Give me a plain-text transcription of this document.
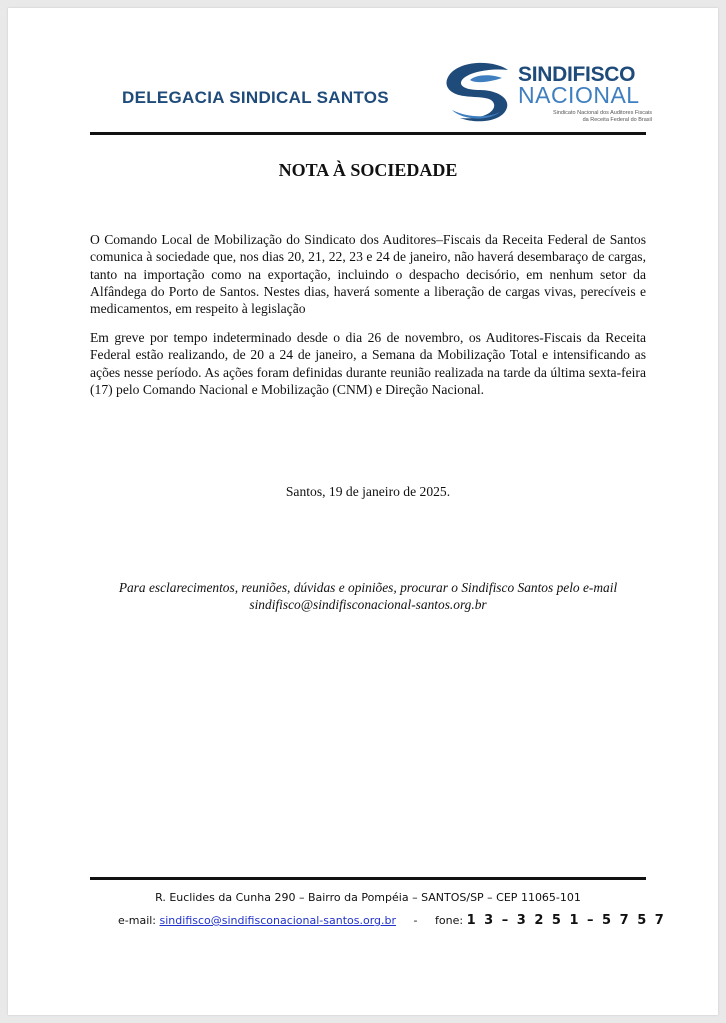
DELEGACIA SINDICAL SANTOS
SINDIFISCO
NACIONAL
Sindicato Nacional dos Auditores Fiscais
da Receita Federal do Brasil
NOTA À SOCIEDADE

O Comando Local de Mobilização do Sindicato dos Auditores–Fiscais da Receita Federal de Santos comunica à sociedade que, nos dias 20, 21, 22, 23 e 24 de janeiro, não haverá desembaraço de cargas, tanto na importação como na exportação, incluindo o despacho decisório, em nenhum setor da Alfândega do Porto de Santos. Nestes dias, haverá somente a liberação de cargas vivas, perecíveis e medicamentos, em respeito à legislação

Em greve por tempo indeterminado desde o dia 26 de novembro, os Auditores-Fiscais da Receita Federal estão realizando, de 20 a 24 de janeiro, a Semana da Mobilização Total e intensificando as ações nesse período. As ações foram definidas durante reunião realizada na tarde da última sexta-feira (17) pelo Comando Nacional e Mobilização (CNM) e Direção Nacional.

Santos, 19 de janeiro de 2025.
Para esclarecimentos, reuniões, dúvidas e opiniões, procurar o Sindifisco Santos pelo e-mail
sindifisco@sindifisconacional-santos.org.br
R. Euclides da Cunha 290 – Bairro da Pompéia – SANTOS/SP – CEP 11065-101
e-mail: sindifisco@sindifisconacional-santos.org.br - fone: 1 3 – 3 2 5 1 – 5 7 5 7
